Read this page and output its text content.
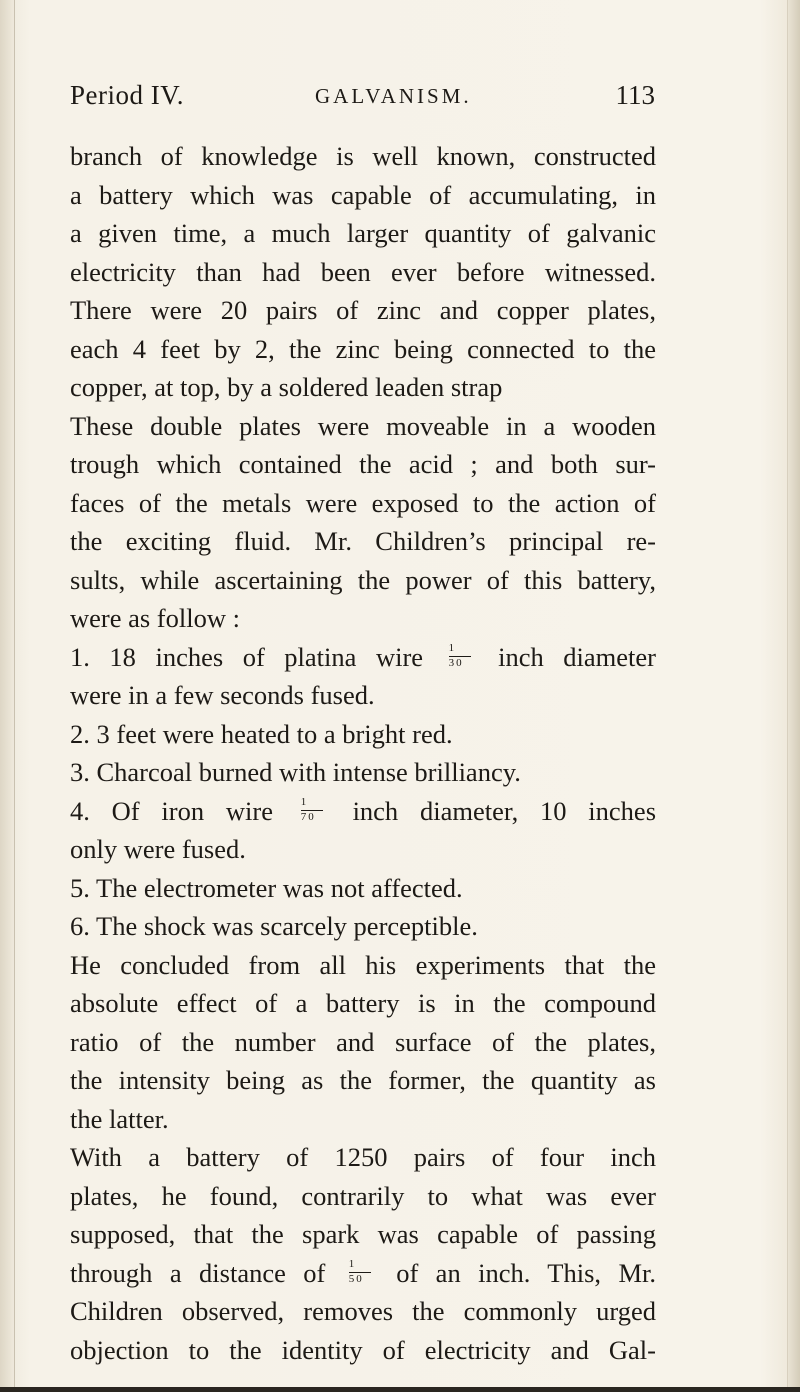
Period IV.	GALVANISM.	113
branch of knowledge is well known, constructed
a battery which was capable of accumulating, in
a given time, a much larger quantity of galvanic
electricity than had been ever before witnessed.
There were 20 pairs of zinc and copper plates,
each 4 feet by 2, the zinc being connected to the
copper, at top, by a soldered leaden strap
These double plates were moveable in a wooden
trough which contained the acid ; and both sur-
faces of the metals were exposed to the action of
the exciting fluid. Mr. Children’s principal re-
sults, while ascertaining the power of this battery,
were as follow :
1. 18 inches of platina wire $\frac{1}{30}$ inch diameter
were in a few seconds fused.
2. 3 feet were heated to a bright red.
3. Charcoal burned with intense brilliancy.
4. Of iron wire	$\frac{1}{70}$ inch diameter, 10 inches
only were fused.
5. The electrometer was not affected.
6. The shock was scarcely perceptible.
He concluded from all his experiments that the
absolute effect of a battery is in the compound
ratio of the number and surface of the plates,
the intensity being as the former, the quantity as
the latter.
With a battery of 1250 pairs of four inch
plates, he found, contrarily to what was ever
supposed, that the spark was capable of passing
through a distance of $\frac{1}{50}$ of an inch. This, Mr.
Children observed, removes the commonly urged
objection to the identity of electricity and Gal-
